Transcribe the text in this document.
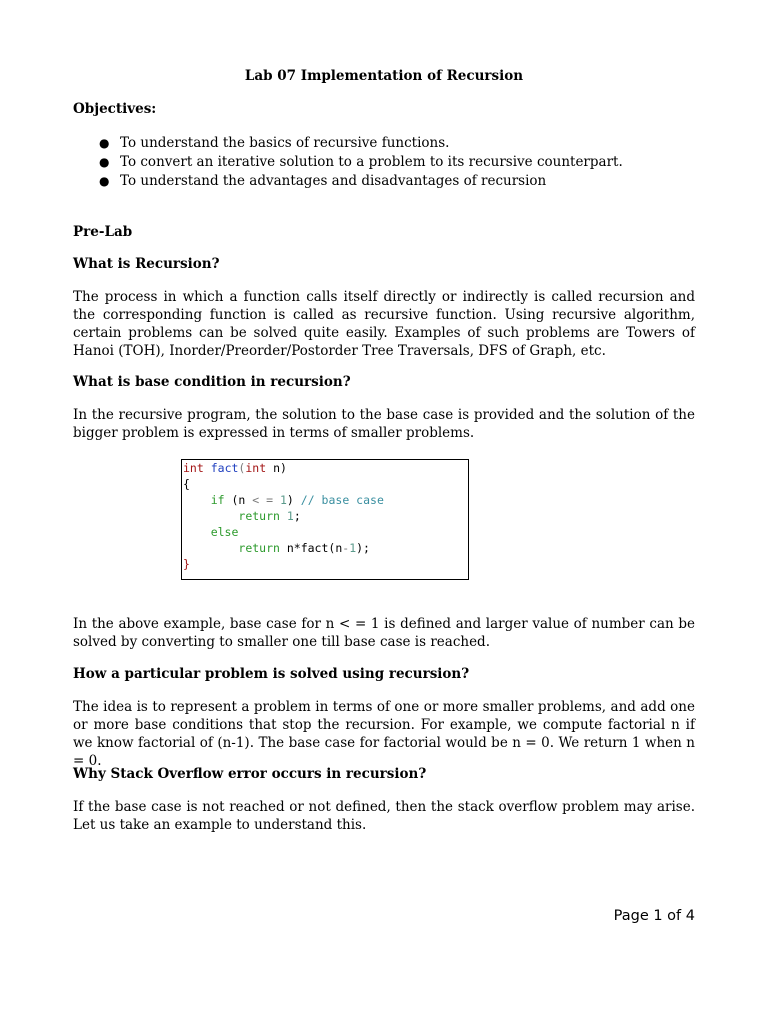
Lab 07 Implementation of Recursion
Objectives:
● To understand the basics of recursive functions.
● To convert an iterative solution to a problem to its recursive counterpart.
● To understand the advantages and disadvantages of recursion
Pre-Lab
What is Recursion?
The process in which a function calls itself directly or indirectly is called recursion and the corresponding function is called as recursive function. Using recursive algorithm, certain problems can be solved quite easily. Examples of such problems are Towers of Hanoi (TOH), Inorder/Preorder/Postorder Tree Traversals, DFS of Graph, etc.
What is base condition in recursion?
In the recursive program, the solution to the base case is provided and the solution of the bigger problem is expressed in terms of smaller problems.
int fact(int n)
{
if (n < = 1) // base case
return 1;
else
return n*fact(n-1);
}
In the above example, base case for n < = 1 is defined and larger value of number can be solved by converting to smaller one till base case is reached.
How a particular problem is solved using recursion?
The idea is to represent a problem in terms of one or more smaller problems, and add one or more base conditions that stop the recursion. For example, we compute factorial n if we know factorial of (n-1). The base case for factorial would be n = 0. We return 1 when n = 0.
Why Stack Overflow error occurs in recursion?
If the base case is not reached or not defined, then the stack overflow problem may arise. Let us take an example to understand this.
Page 1 of 4
